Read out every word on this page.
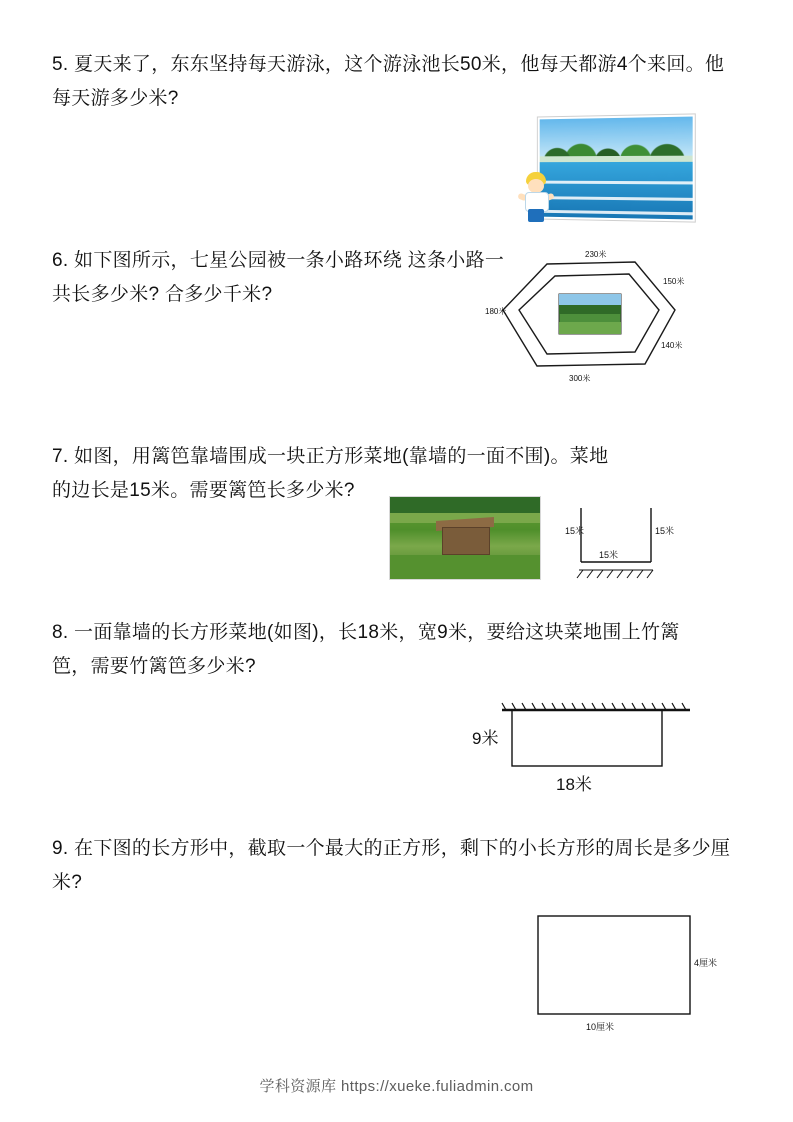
5. 夏天来了，东东坚持每天游泳，这个游泳池长50米，他每天都游4个来回。他每天游多少米?
6. 如下图所示，七星公园被一条小路环绕 这条小路一共长多少米? 合多少千米?
230米
150米
140米
180米
300米
7. 如图，用篱笆靠墙围成一块正方形菜地(靠墙的一面不围)。菜地的边长是15米。需要篱笆长多少米?
15米	15米
15米
8. 一面靠墙的长方形菜地(如图)，长18米，宽9米，要给这块菜地围上竹篱笆，需要竹篱笆多少米?
9米
18米
9. 在下图的长方形中，截取一个最大的正方形，剩下的小长方形的周长是多少厘米?
4厘米
10厘米
学科资源库 https://xueke.fuliadmin.com
